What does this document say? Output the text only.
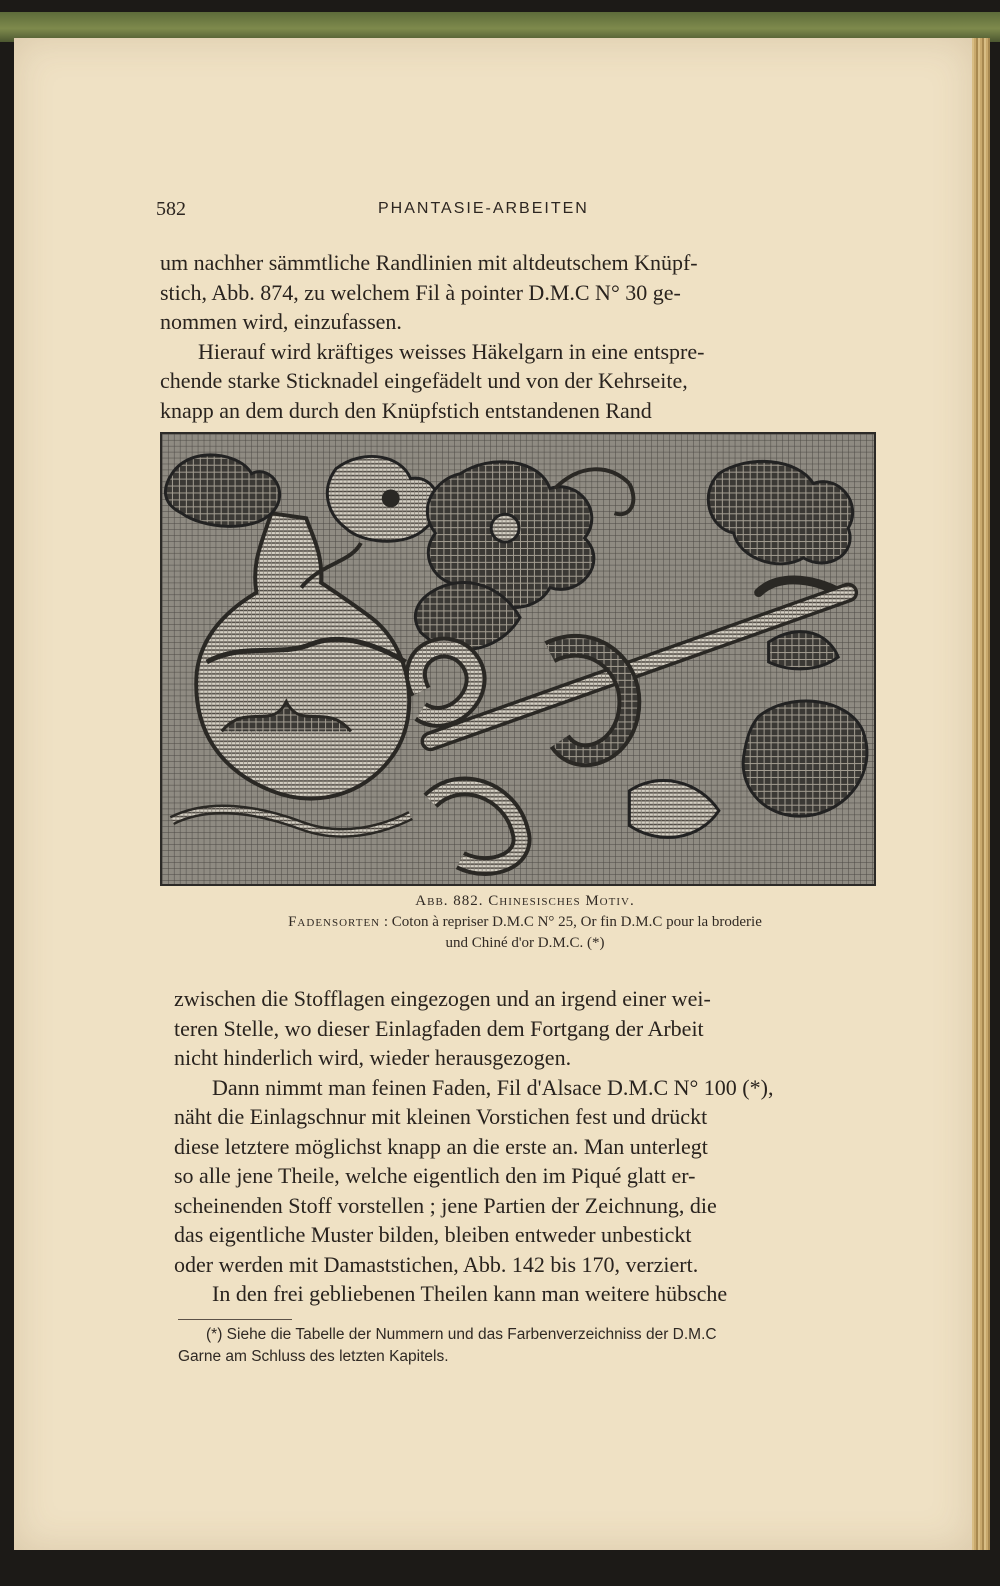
582	PHANTASIE-ARBEITEN

um nachher sämmtliche Randlinien mit altdeutschem Knüpf-

stich, Abb. 874, zu welchem Fil à pointer D.M.C N° 30 ge-

nommen wird, einzufassen.

Hierauf wird kräftiges weisses Häkelgarn in eine entspre-

chende starke Sticknadel eingefädelt und von der Kehrseite,

knapp an dem durch den Knüpfstich entstandenen Rand

Abb. 882. Chinesisches Motiv.
Fadensorten : Coton à repriser D.M.C N° 25, Or fin D.M.C pour la broderie
und Chiné d'or D.M.C. (*)

zwischen die Stofflagen eingezogen und an irgend einer wei-

teren Stelle, wo dieser Einlagfaden dem Fortgang der Arbeit

nicht hinderlich wird, wieder herausgezogen.

Dann nimmt man feinen Faden, Fil d'Alsace D.M.C N° 100 (*),

näht die Einlagschnur mit kleinen Vorstichen fest und drückt

diese letztere möglichst knapp an die erste an. Man unterlegt

so alle jene Theile, welche eigentlich den im Piqué glatt er-

scheinenden Stoff vorstellen ; jene Partien der Zeichnung, die

das eigentliche Muster bilden, bleiben entweder unbestickt

oder werden mit Damaststichen, Abb. 142 bis 170, verziert.

In den frei gebliebenen Theilen kann man weitere hübsche

(*) Siehe die Tabelle der Nummern und das Farbenverzeichniss der D.M.C

Garne am Schluss des letzten Kapitels.
